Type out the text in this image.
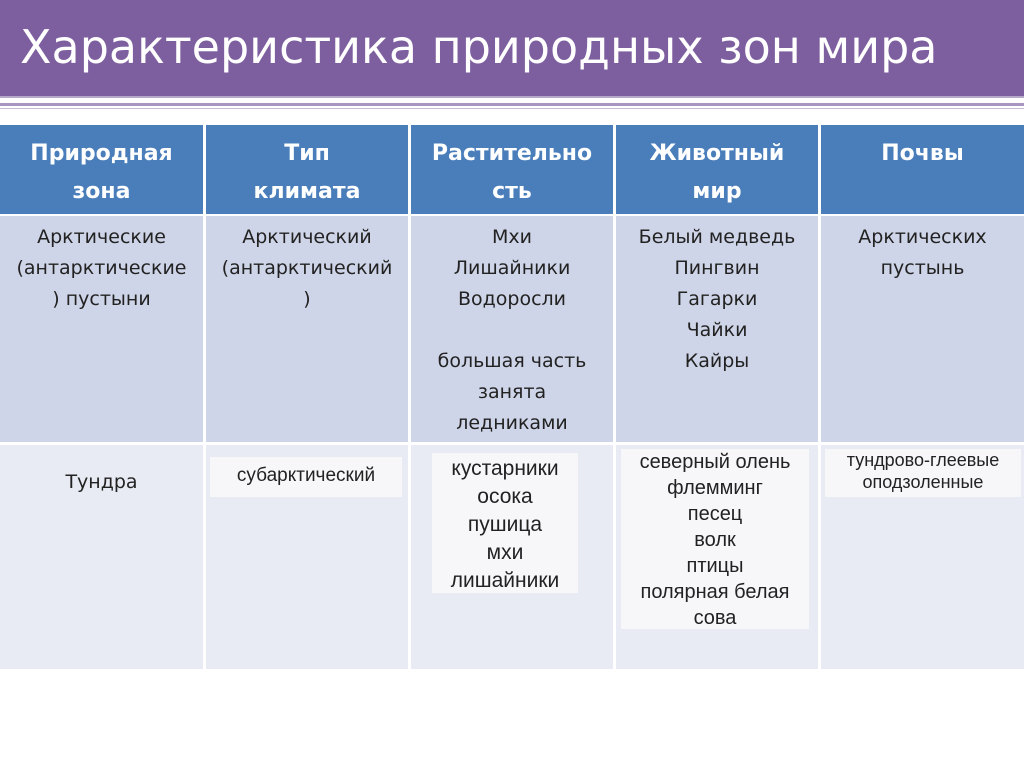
Характеристика природных зон мира
Природная
зона
Тип
климата
Растительно
сть
Животный
мир
Почвы
Арктические
(антарктические
) пустыни
Арктический
(антарктический
)
Мхи
Лишайники
Водоросли
большая часть
занята
ледниками
Белый медведь
Пингвин
Гагарки
Чайки
Кайры
Арктических
пустынь
Тундра	субарктический	кустарники
осока
пушица
мхи
лишайники
северный олень
флемминг
песец
волк
птицы
полярная белая
сова
тундрово-глеевые
оподзоленные
